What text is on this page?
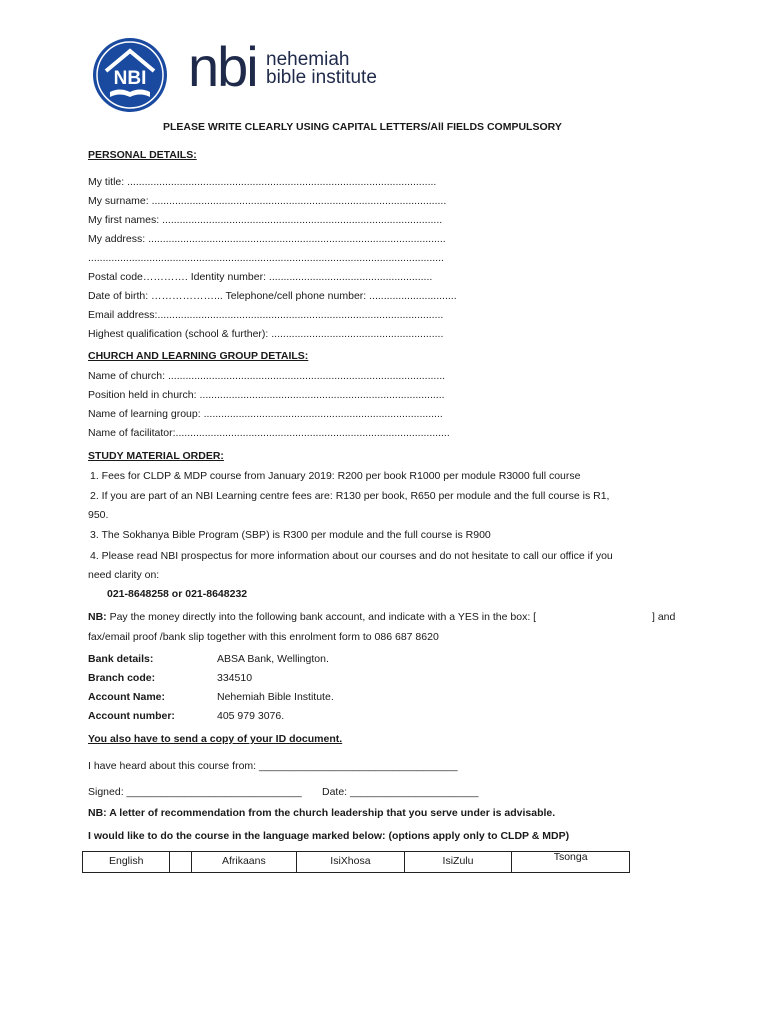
NBI nbi nehemiah
bible institute
PLEASE WRITE CLEARLY USING CAPITAL LETTERS/All FIELDS COMPULSORY
PERSONAL DETAILS:
My title: ..........................................................................................................
My surname: .....................................................................................................
My first names: ................................................................................................
My address: ......................................................................................................
..........................................................................................................................
Postal code…………. Identity number: ........................................................
Date of birth: ………………... Telephone/cell phone number: ..............................
Email address:..................................................................................................
Highest qualification (school & further): ...........................................................
CHURCH AND LEARNING GROUP DETAILS:
Name of church: ...............................................................................................
Position held in church: ....................................................................................
Name of learning group: ..................................................................................
Name of facilitator:..............................................................................................
STUDY MATERIAL ORDER:
1. Fees for CLDP & MDP course from January 2019: R200 per book R1000 per module R3000 full course
2. If you are part of an NBI Learning centre fees are: R130 per book, R650 per module and the full course is R1,
950.
3. The Sokhanya Bible Program (SBP) is R300 per module and the full course is R900
4. Please read NBI prospectus for more information about our courses and do not hesitate to call our office if you
need clarity on:
021-8648258 or 021-8648232
NB: Pay the money directly into the following bank account, and indicate with a YES in the box: [	] and
fax/email proof /bank slip together with this enrolment form to 086 687 8620
Bank details:	ABSA Bank, Wellington.
Branch code:	334510
Account Name:	Nehemiah Bible Institute.
Account number:	405 979 3076.
You also have to send a copy of your ID document.
I have heard about this course from: __________________________________
Signed: ______________________________ Date: ______________________
NB: A letter of recommendation from the church leadership that you serve under is advisable.
I would like to do the course in the language marked below: (options apply only to CLDP & MDP)
English		Afrikaans	IsiXhosa	IsiZulu	Tsonga
